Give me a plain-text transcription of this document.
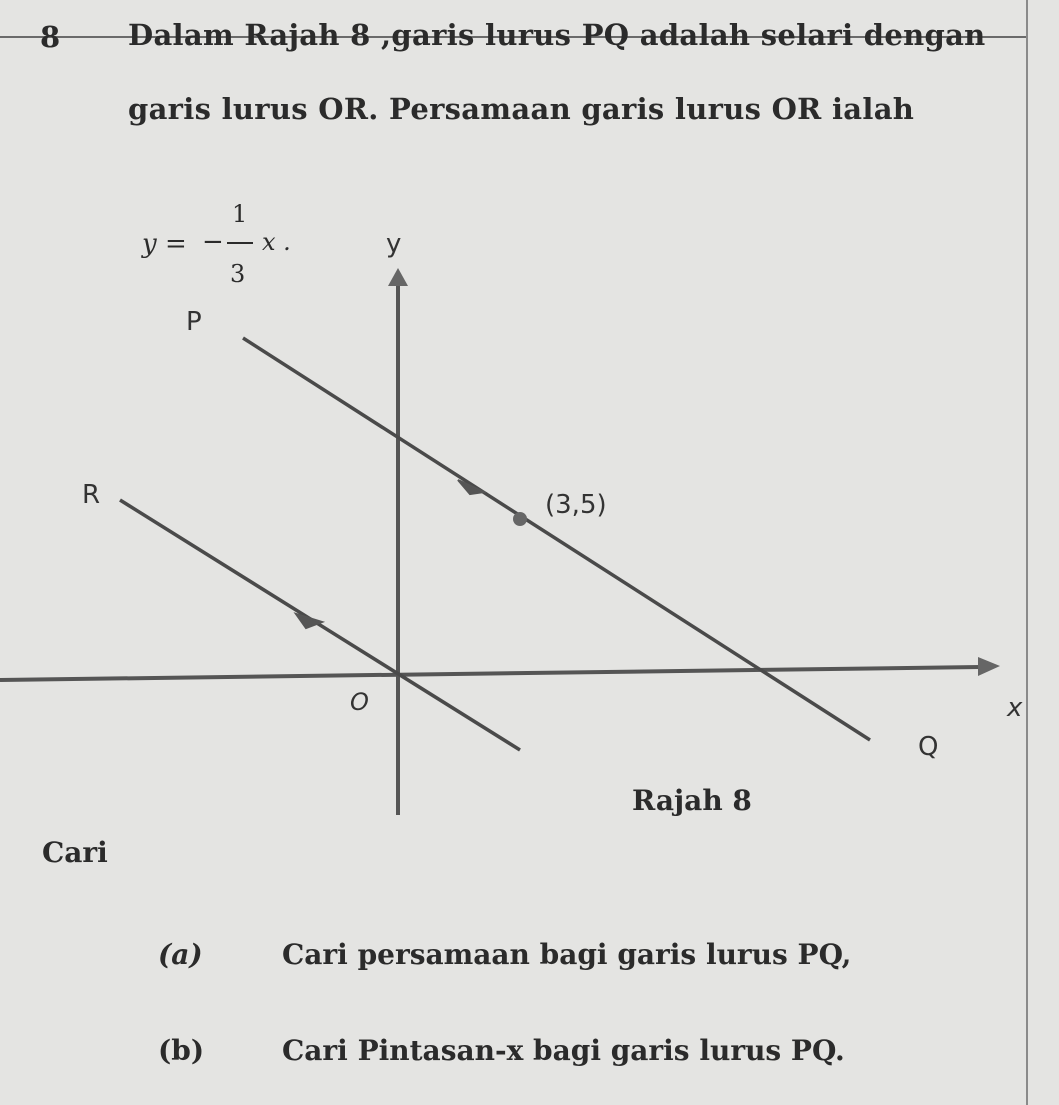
8 Dalam Rajah 8 ,garis lurus PQ adalah selari dengan
garis lurus OR. Persamaan garis lurus OR ialah
y = −
1
3
x .	y
x
O
P
Q
(3,5)
R
Rajah 8
Cari
(a)	Cari persamaan bagi garis lurus PQ,
(b)	Cari Pintasan-x bagi garis lurus PQ.
